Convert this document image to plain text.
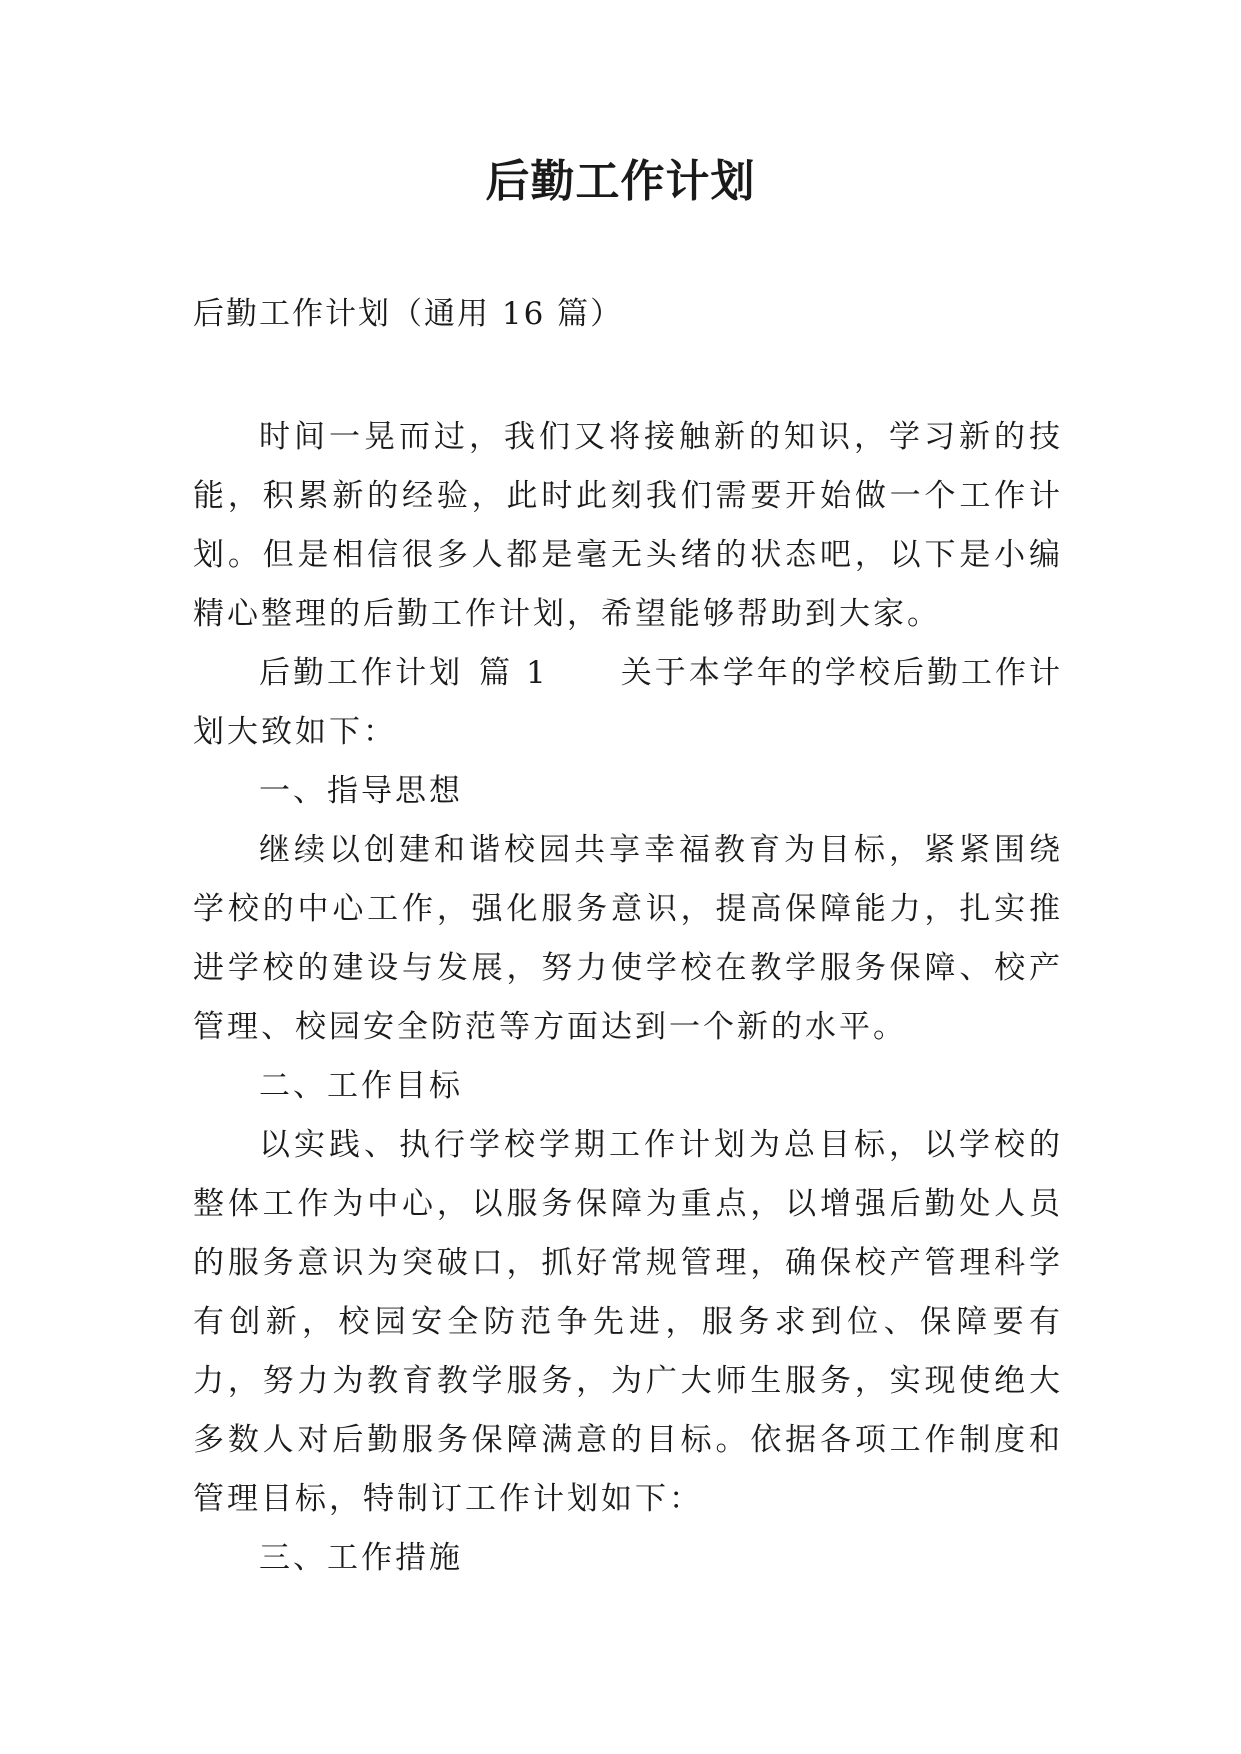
后勤工作计划
后勤工作计划（通用 16 篇）

时间一晃而过，我们又将接触新的知识，学习新的技能，积累新的经验，此时此刻我们需要开始做一个工作计划。但是相信很多人都是毫无头绪的状态吧，以下是小编精心整理的后勤工作计划，希望能够帮助到大家。

后勤工作计划 篇 1 关于本学年的学校后勤工作计划大致如下：

一、指导思想

继续以创建和谐校园共享幸福教育为目标，紧紧围绕学校的中心工作，强化服务意识，提高保障能力，扎实推进学校的建设与发展，努力使学校在教学服务保障、校产管理、校园安全防范等方面达到一个新的水平。

二、工作目标

以实践、执行学校学期工作计划为总目标，以学校的整体工作为中心，以服务保障为重点，以增强后勤处人员的服务意识为突破口，抓好常规管理，确保校产管理科学有创新，校园安全防范争先进，服务求到位、保障要有力，努力为教育教学服务，为广大师生服务，实现使绝大多数人对后勤服务保障满意的目标。依据各项工作制度和管理目标，特制订工作计划如下：

三、工作措施
